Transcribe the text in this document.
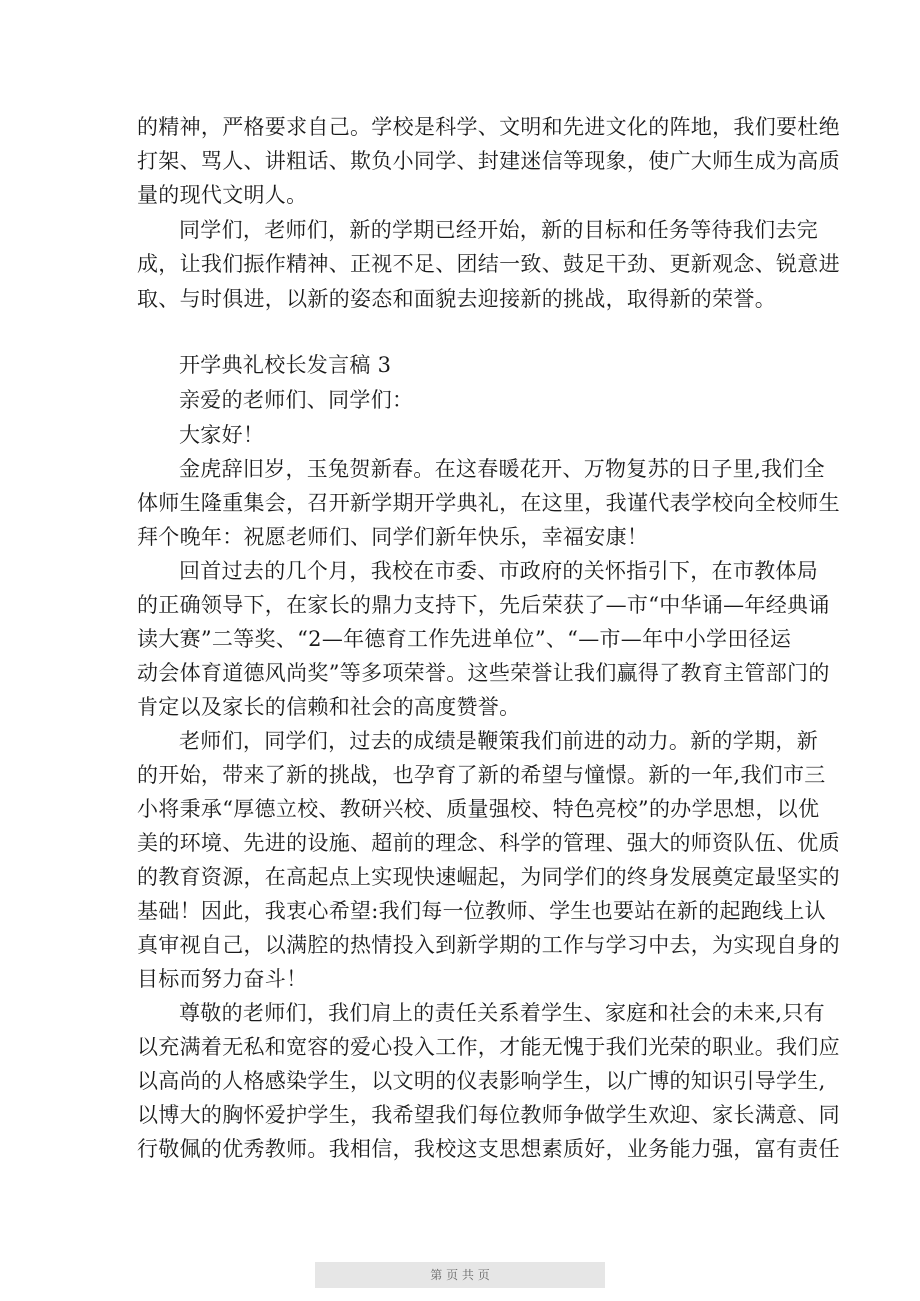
的精神，严格要求自己。学校是科学、文明和先进文化的阵地，我们要杜绝
打架、骂人、讲粗话、欺负小同学、封建迷信等现象，使广大师生成为高质
量的现代文明人。
同学们，老师们，新的学期已经开始，新的目标和任务等待我们去完
成，让我们振作精神、正视不足、团结一致、鼓足干劲、更新观念、锐意进
取、与时俱进，以新的姿态和面貌去迎接新的挑战，取得新的荣誉。
开学典礼校长发言稿 3
亲爱的老师们、同学们：
大家好！
金虎辞旧岁，玉兔贺新春。在这春暖花开、万物复苏的日子里,我们全
体师生隆重集会，召开新学期开学典礼，在这里，我谨代表学校向全校师生
拜个晚年：祝愿老师们、同学们新年快乐，幸福安康！
回首过去的几个月，我校在市委、市政府的关怀指引下，在市教体局
的正确领导下，在家长的鼎力支持下，先后荣获了—市“中华诵—年经典诵
读大赛”二等奖、“2—年德育工作先进单位”、“—市—年中小学田径运
动会体育道德风尚奖”等多项荣誉。这些荣誉让我们赢得了教育主管部门的
肯定以及家长的信赖和社会的高度赞誉。
老师们，同学们，过去的成绩是鞭策我们前进的动力。新的学期，新
的开始，带来了新的挑战，也孕育了新的希望与憧憬。新的一年,我们市三
小将秉承“厚德立校、教研兴校、质量强校、特色亮校”的办学思想，以优
美的环境、先进的设施、超前的理念、科学的管理、强大的师资队伍、优质
的教育资源，在高起点上实现快速崛起，为同学们的终身发展奠定最坚实的
基础！因此，我衷心希望:我们每一位教师、学生也要站在新的起跑线上认
真审视自己，以满腔的热情投入到新学期的工作与学习中去，为实现自身的
目标而努力奋斗！
尊敬的老师们，我们肩上的责任关系着学生、家庭和社会的未来,只有
以充满着无私和宽容的爱心投入工作，才能无愧于我们光荣的职业。我们应
以高尚的人格感染学生，以文明的仪表影响学生，以广博的知识引导学生,
以博大的胸怀爱护学生，我希望我们每位教师争做学生欢迎、家长满意、同
行敬佩的优秀教师。我相信，我校这支思想素质好，业务能力强，富有责任
第 页 共 页
